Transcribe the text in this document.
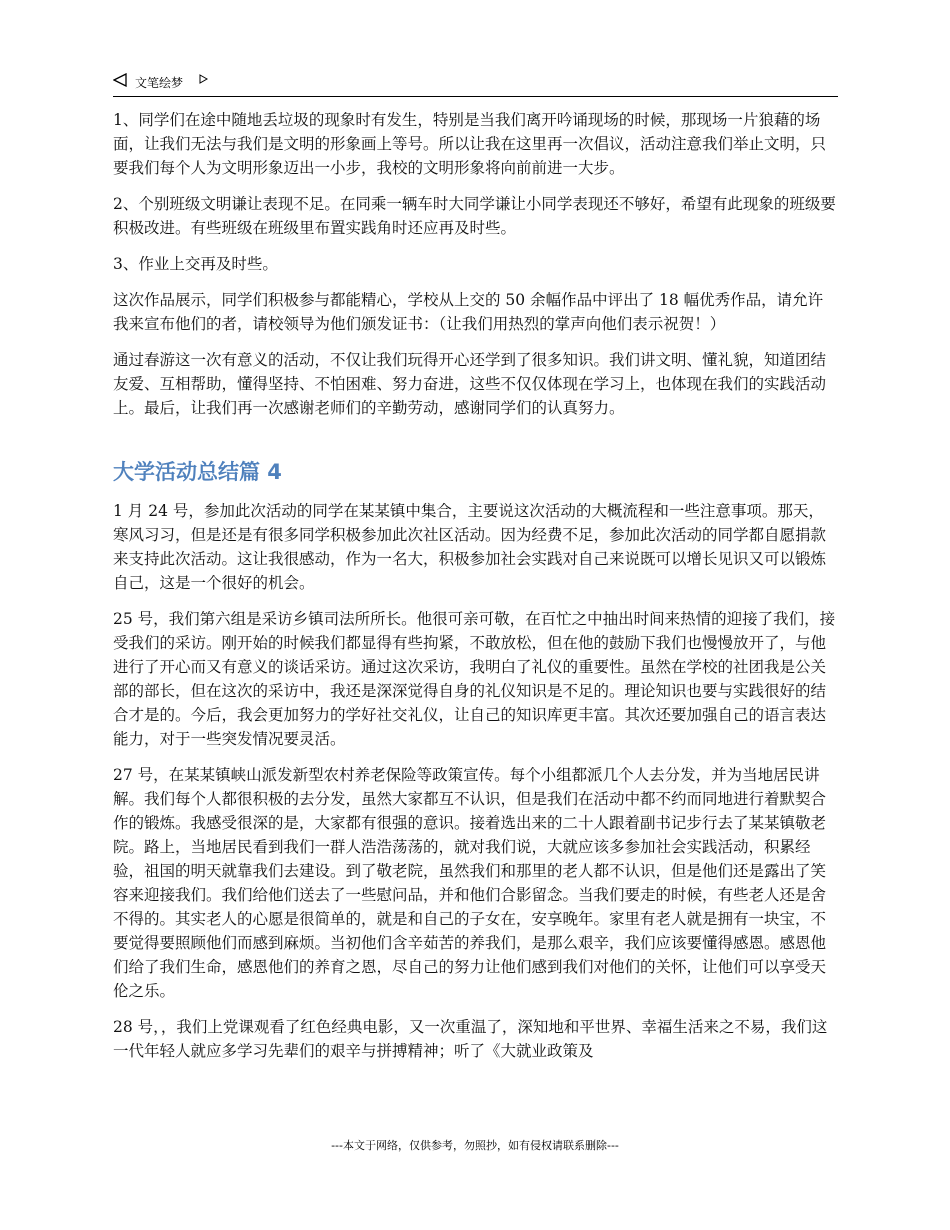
文笔绘梦

1、同学们在途中随地丢垃圾的现象时有发生，特别是当我们离开吟诵现场的时候，那现场一片狼藉的场面，让我们无法与我们是文明的形象画上等号。所以让我在这里再一次倡议，活动注意我们举止文明，只要我们每个人为文明形象迈出一小步，我校的文明形象将向前前进一大步。

2、个别班级文明谦让表现不足。在同乘一辆车时大同学谦让小同学表现还不够好，希望有此现象的班级要积极改进。有些班级在班级里布置实践角时还应再及时些。

3、作业上交再及时些。

这次作品展示，同学们积极参与都能精心，学校从上交的 50 余幅作品中评出了 18 幅优秀作品，请允许我来宣布他们的者，请校领导为他们颁发证书：（让我们用热烈的掌声向他们表示祝贺！）

通过春游这一次有意义的活动，不仅让我们玩得开心还学到了很多知识。我们讲文明、懂礼貌，知道团结友爱、互相帮助，懂得坚持、不怕困难、努力奋进，这些不仅仅体现在学习上，也体现在我们的实践活动上。最后，让我们再一次感谢老师们的辛勤劳动，感谢同学们的认真努力。

大学活动总结篇 4

1 月 24 号，参加此次活动的同学在某某镇中集合，主要说这次活动的大概流程和一些注意事项。那天，寒风习习，但是还是有很多同学积极参加此次社区活动。因为经费不足，参加此次活动的同学都自愿捐款来支持此次活动。这让我很感动，作为一名大，积极参加社会实践对自己来说既可以增长见识又可以锻炼自己，这是一个很好的机会。

25 号，我们第六组是采访乡镇司法所所长。他很可亲可敬，在百忙之中抽出时间来热情的迎接了我们，接受我们的采访。刚开始的时候我们都显得有些拘紧，不敢放松，但在他的鼓励下我们也慢慢放开了，与他进行了开心而又有意义的谈话采访。通过这次采访，我明白了礼仪的重要性。虽然在学校的社团我是公关部的部长，但在这次的采访中，我还是深深觉得自身的礼仪知识是不足的。理论知识也要与实践很好的结合才是的。今后，我会更加努力的学好社交礼仪，让自己的知识库更丰富。其次还要加强自己的语言表达能力，对于一些突发情况要灵活。

27 号，在某某镇峡山派发新型农村养老保险等政策宣传。每个小组都派几个人去分发，并为当地居民讲解。我们每个人都很积极的去分发，虽然大家都互不认识，但是我们在活动中都不约而同地进行着默契合作的锻炼。我感受很深的是，大家都有很强的意识。接着选出来的二十人跟着副书记步行去了某某镇敬老院。路上，当地居民看到我们一群人浩浩荡荡的，就对我们说，大就应该多参加社会实践活动，积累经验，祖国的明天就靠我们去建设。到了敬老院，虽然我们和那里的老人都不认识，但是他们还是露出了笑容来迎接我们。我们给他们送去了一些慰问品，并和他们合影留念。当我们要走的时候，有些老人还是舍不得的。其实老人的心愿是很简单的，就是和自己的子女在，安享晚年。家里有老人就是拥有一块宝，不要觉得要照顾他们而感到麻烦。当初他们含辛茹苦的养我们，是那么艰辛，我们应该要懂得感恩。感恩他们给了我们生命，感恩他们的养育之恩，尽自己的努力让他们感到我们对他们的关怀，让他们可以享受天伦之乐。

28 号，，我们上党课观看了红色经典电影，又一次重温了，深知地和平世界、幸福生活来之不易，我们这一代年轻人就应多学习先辈们的艰辛与拼搏精神；听了《大就业政策及

---本文于网络，仅供参考，勿照抄，如有侵权请联系删除---
